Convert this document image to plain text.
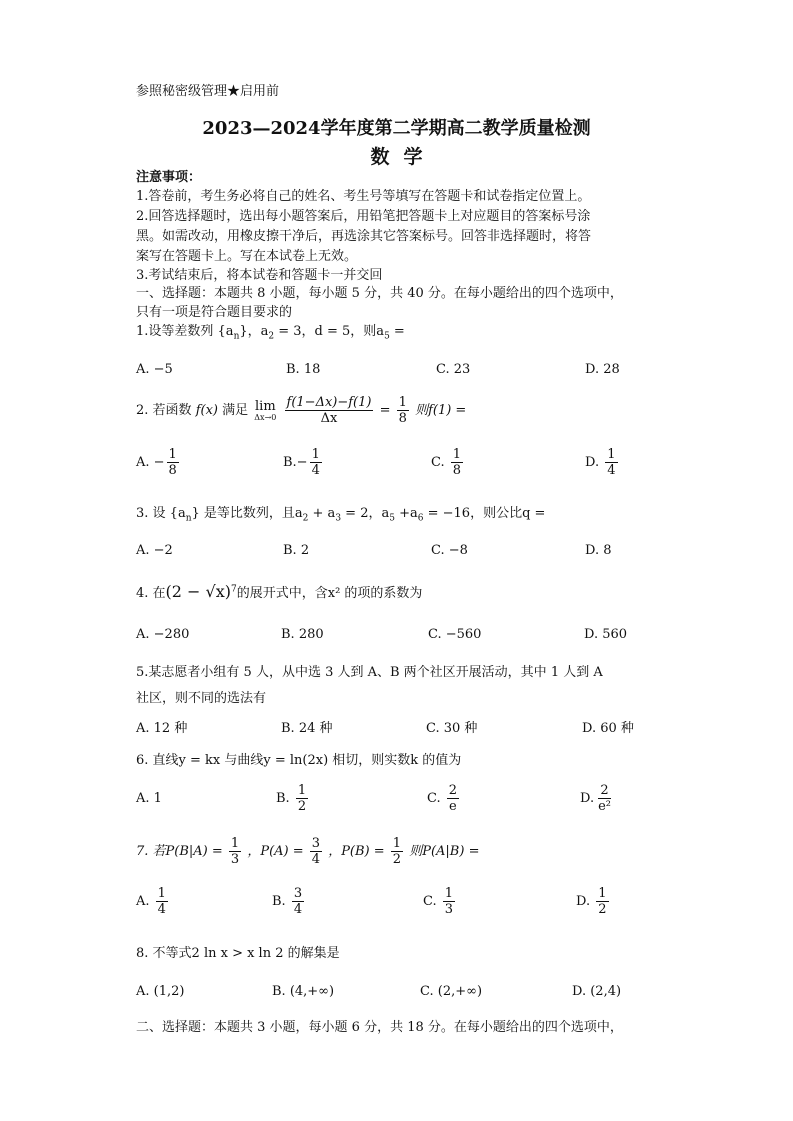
参照秘密级管理★启用前
2023—2024学年度第二学期高二教学质量检测
数学
注意事项：
1.答卷前，考生务必将自己的姓名、考生号等填写在答题卡和试卷指定位置上。
2.回答选择题时，选出每小题答案后，用铅笔把答题卡上对应题目的答案标号涂
黑。如需改动，用橡皮擦干净后，再选涂其它答案标号。回答非选择题时，将答
案写在答题卡上。写在本试卷上无效。
3.考试结束后，将本试卷和答题卡一并交回
一、选择题：本题共 8 小题，每小题 5 分，共 40 分。在每小题给出的四个选项中，
只有一项是符合题目要求的
1.设等差数列 $\{a_n\}$，$a_2 = 3$，d = 5，则$a_5$ =
A. −5	B. 18	C. 23	D. 28
2. 若函数 f(x) 满足 lim
Δx→0
$\frac{f(1-\Delta x)-f(1)}{\Delta x} = \frac{1}{8}$ 则f(1) =
A. − $\frac{1}{8}$	$B.- \frac{1}{4}$	C. $\frac{1}{8}$	D. $\frac{1}{4}$
3. 设 $\{a_n\}$ 是等比数列，且$a_2 + a_3 = 2$，$a_5 +a_6 = -16$，则公比q =
A. −2	B. 2	C. −8	D. 8
4. 在$(2 - √x)^7$的展开式中，含x² 的项的系数为
A. −280	B. 280	C. −560	D. 560
5.某志愿者小组有 5 人，从中选 3 人到 A、B 两个社区开展活动，其中 1 人到 A
社区，则不同的选法有
A. 12 种	B. 24 种	C. 30 种	D. 60 种
6. 直线y = kx 与曲线y = ln(2x) 相切，则实数k 的值为
A. 1	B. $\frac{1}{2}$	C. $\frac{2}{e}$	D. $\frac{2}{\text{e²}}$
7. 若$P(B|A) = \frac{1}{3}$ ，$P(A) = \frac{3}{4}$ ，$P(B) = \frac{1}{2}$ 则P(A|B) =
A. $\frac{1}{4}$	B. $\frac{3}{4}$	C. $\frac{1}{3}$	D. $\frac{1}{2}$
8. 不等式2 ln x > x ln 2 的解集是
A. (1,2)	B. (4,+∞)	C. (2,+∞)	D. (2,4)
二、选择题：本题共 3 小题，每小题 6 分，共 18 分。在每小题给出的四个选项中，
